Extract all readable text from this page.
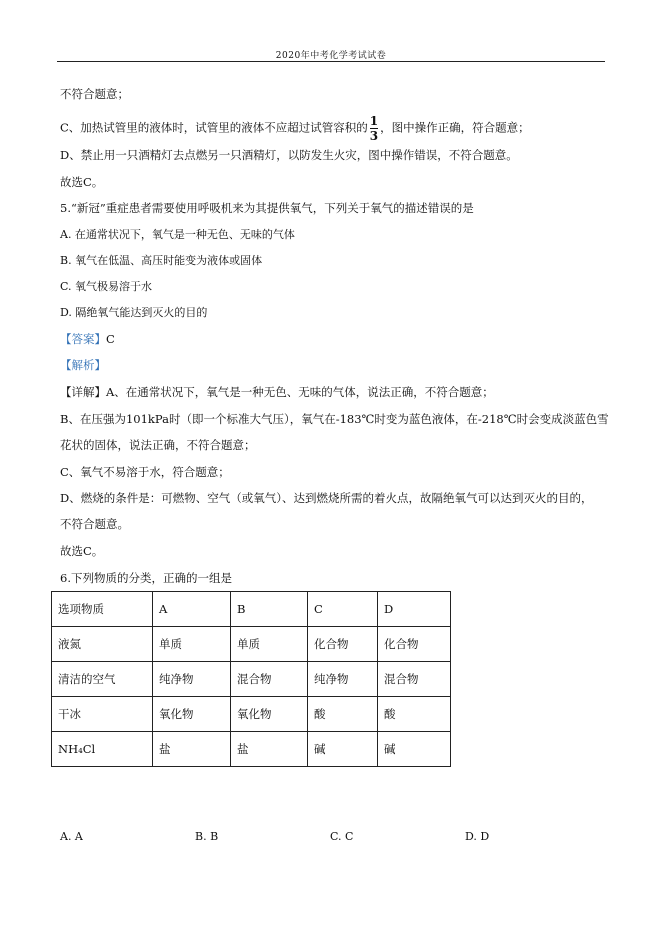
2020年中考化学考试试卷
不符合题意；
C、加热试管里的液体时，试管里的液体不应超过试管容积的 $\frac{1}{3}$ ，图中操作正确，符合题意；
D、禁止用一只酒精灯去点燃另一只酒精灯，以防发生火灾，图中操作错误，不符合题意。
故选C。
5.“新冠”重症患者需要使用呼吸机来为其提供氧气，下列关于氧气的描述错误的是
A. 在通常状况下，氧气是一种无色、无味的气体
B. 氧气在低温、高压时能变为液体或固体
C. 氧气极易溶于水
D. 隔绝氧气能达到灭火的目的
【答案】C
【解析】
【详解】A、在通常状况下，氧气是一种无色、无味的气体，说法正确，不符合题意；
B、在压强为101kPa时（即一个标准大气压），氧气在-183℃时变为蓝色液体，在-218℃时会变成淡蓝色雪
花状的固体，说法正确，不符合题意；
C、氧气不易溶于水，符合题意；
D、燃烧的条件是：可燃物、空气（或氧气）、达到燃烧所需的着火点，故隔绝氧气可以达到灭火的目的，
不符合题意。
故选C。
6.下列物质的分类，正确的一组是
选项物质	A	B	C	D
液氮	单质	单质	化合物	化合物
清洁的空气	纯净物	混合物	纯净物	混合物
干冰	氧化物	氧化物	酸	酸
NH₄Cl	盐	盐	碱	碱
A. A	B. B	C. C	D. D
